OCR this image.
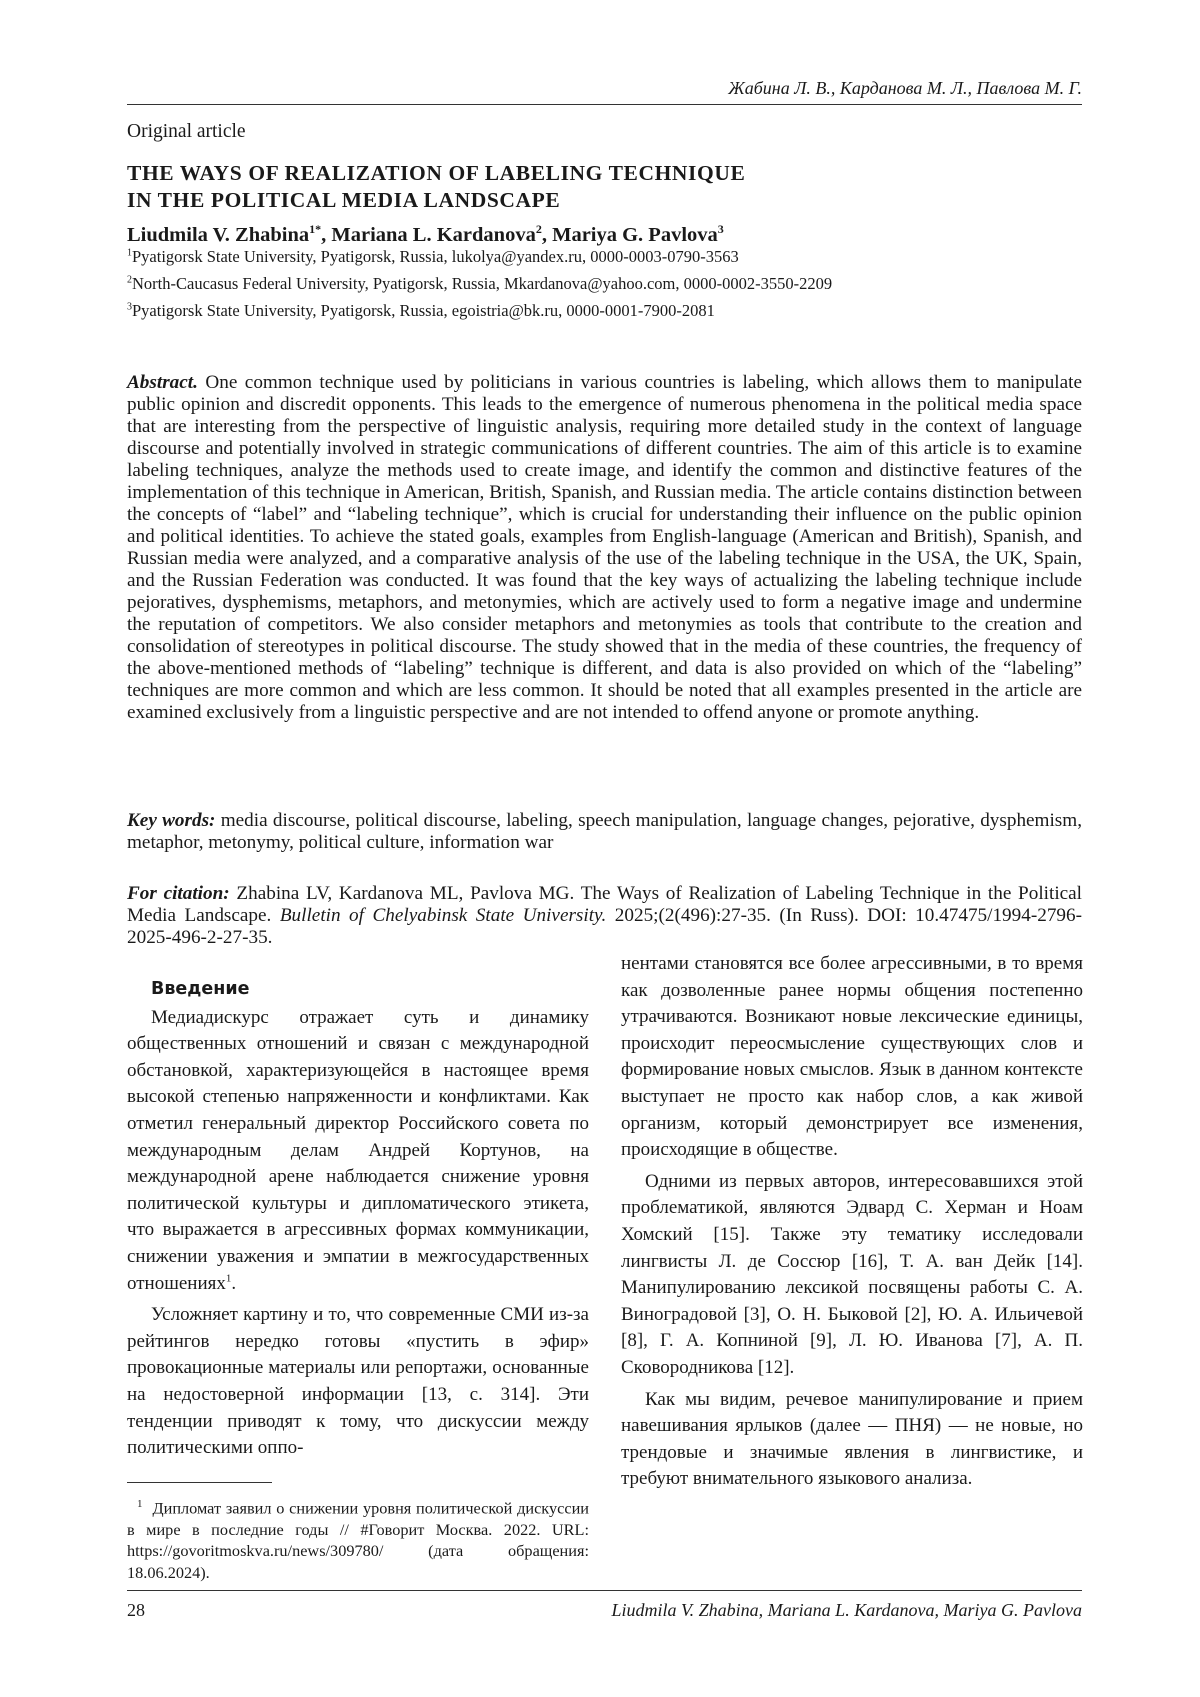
Жабина Л. В., Карданова М. Л., Павлова М. Г.
Original article
THE WAYS OF REALIZATION OF LABELING TECHNIQUE
IN THE POLITICAL MEDIA LANDSCAPE
Liudmila V. Zhabina$^{1*}$, Mariana L. Kardanova$^2$, Mariya G. Pavlova$^3$
$^1$Pyatigorsk State University, Pyatigorsk, Russia, lukolya@yandex.ru, 0000-0003-0790-3563
$^2$North-Caucasus Federal University, Pyatigorsk, Russia, Mkardanova@yahoo.com, 0000-0002-3550-2209
$^3$Pyatigorsk State University, Pyatigorsk, Russia, egoistria@bk.ru, 0000-0001-7900-2081
Abstract. One common technique used by politicians in various countries is labeling, which allows them to manipulate public opinion and discredit opponents. This leads to the emergence of numerous phenomena in the political media space that are interesting from the perspective of linguistic analysis, requiring more detailed study in the context of language discourse and potentially involved in strategic communications of different countries. The aim of this article is to examine labeling techniques, analyze the methods used to create image, and identify the common and distinctive features of the implementation of this technique in American, British, Spanish, and Russian media. The article contains distinction between the concepts of “label” and “labeling technique”, which is crucial for understanding their influence on the public opinion and political identities. To achieve the stated goals, examples from English-language (American and British), Spanish, and Russian media were analyzed, and a comparative analysis of the use of the labeling technique in the USA, the UK, Spain, and the Russian Federation was conducted. It was found that the key ways of actualizing the labeling technique include pejoratives, dysphemisms, metaphors, and metonymies, which are actively used to form a negative image and undermine the reputation of competitors. We also consider metaphors and metonymies as tools that contribute to the creation and consolidation of stereotypes in political discourse. The study showed that in the media of these countries, the frequency of the above-mentioned methods of “labeling” technique is different, and data is also provided on which of the “labeling” techniques are more common and which are less common. It should be noted that all examples presented in the article are examined exclusively from a linguistic perspective and are not intended to offend anyone or promote anything.
Key words: media discourse, political discourse, labeling, speech manipulation, language changes, pejorative, dysphemism, metaphor, metonymy, political culture, information war
For citation: Zhabina LV, Kardanova ML, Pavlova MG. The Ways of Realization of Labeling Technique in the Political Media Landscape. Bulletin of Chelyabinsk State University. 2025;(2(496):27-35. (In Russ). DOI: 10.47475/1994-2796-2025-496-2-27-35.
Введение

Медиадискурс отражает суть и динамику общественных отношений и связан с международной обстановкой, характеризующейся в настоящее время высокой степенью напряженности и конфликтами. Как отметил генеральный директор Российского совета по международным делам Андрей Кортунов, на международной арене наблюдается снижение уровня политической культуры и дипломатического этикета, что выражается в агрессивных формах коммуникации, снижении уважения и эмпатии в межгосударственных отношениях$^1$.

Усложняет картину и то, что современные СМИ из-за рейтингов нередко готовы «пустить в эфир» провокационные материалы или репортажи, основанные на недостоверной информации [13, с. 314]. Эти тенденции приводят к тому, что дискуссии между политическими оппо-

нентами становятся все более агрессивными, в то время как дозволенные ранее нормы общения постепенно утрачиваются. Возникают новые лексические единицы, происходит переосмысление существующих слов и формирование новых смыслов. Язык в данном контексте выступает не просто как набор слов, а как живой организм, который демонстрирует все изменения, происходящие в обществе.

Одними из первых авторов, интересовавшихся этой проблематикой, являются Эдвард С. Херман и Ноам Хомский [15]. Также эту тематику исследовали лингвисты Л. де Соссюр [16], Т. А. ван Дейк [14]. Манипулированию лексикой посвящены работы С. А. Виноградовой [3], О. Н. Быковой [2], Ю. А. Ильичевой [8], Г. А. Копниной [9], Л. Ю. Иванова [7], А. П. Сковородникова [12].

Как мы видим, речевое манипулирование и прием навешивания ярлыков (далее — ПНЯ) — не новые, но трендовые и значимые явления в лингвистике, и требуют внимательного языкового анализа.

$^1$ Дипломат заявил о снижении уровня политической дискуссии в мире в последние годы // #Говорит Москва. 2022. URL: https://govoritmoskva.ru/news/309780/ (дата обращения: 18.06.2024).
28	Liudmila V. Zhabina, Mariana L. Kardanova, Mariya G. Pavlova
